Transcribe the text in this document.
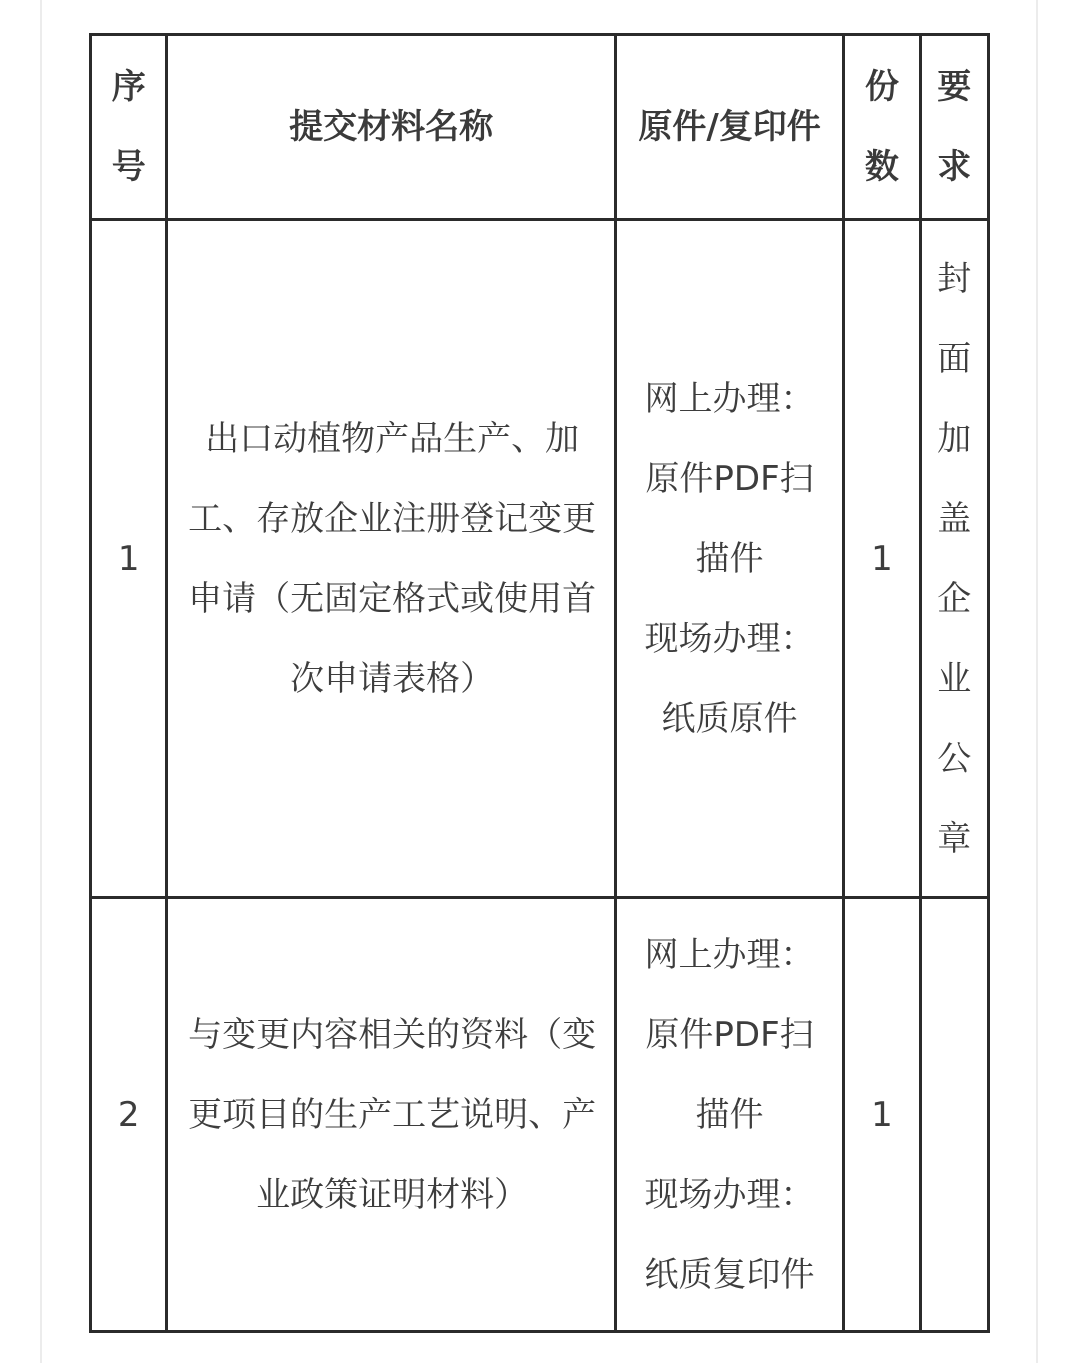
序号	提交材料名称	原件/复印件	份数	要求
1	出口动植物产品生产、加工、存放企业注册登记变更申请（无固定格式或使用首次申请表格）	网上办理：
原件PDF扫
描件
现场办理：
纸质原件	1	封面加盖企业公章
2	与变更内容相关的资料（变更项目的生产工艺说明、产业政策证明材料）	网上办理：
原件PDF扫
描件
现场办理：
纸质复印件	1	
